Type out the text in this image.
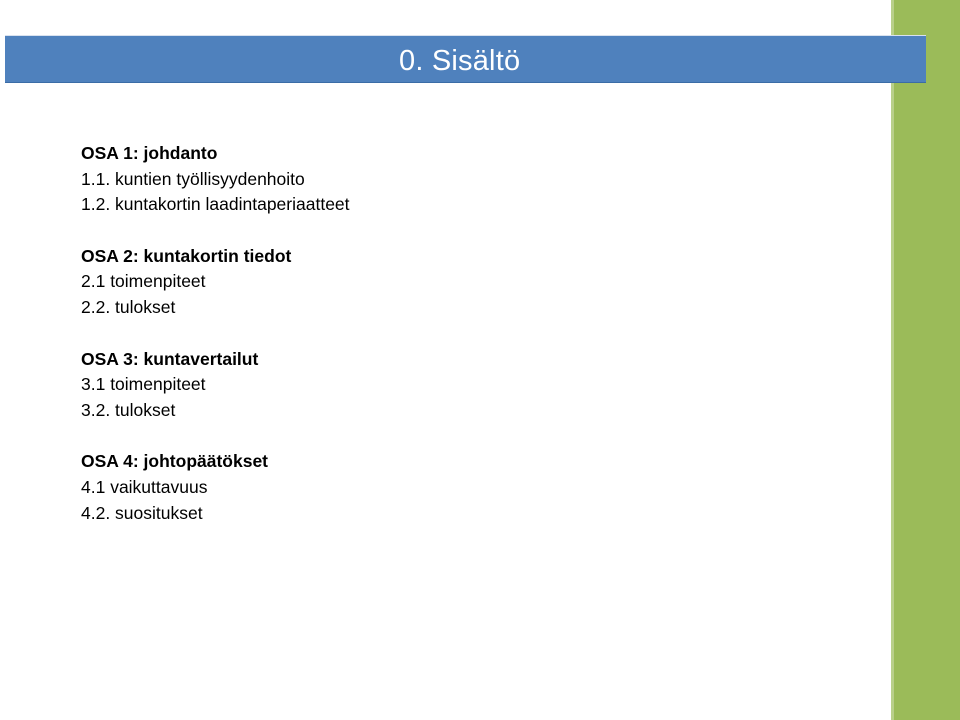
0. Sisältö
OSA 1: johdanto
1.1. kuntien työllisyydenhoito
1.2. kuntakortin laadintaperiaatteet
OSA 2: kuntakortin tiedot
2.1 toimenpiteet
2.2. tulokset
OSA 3: kuntavertailut
3.1 toimenpiteet
3.2. tulokset
OSA 4: johtopäätökset
4.1 vaikuttavuus
4.2. suositukset
